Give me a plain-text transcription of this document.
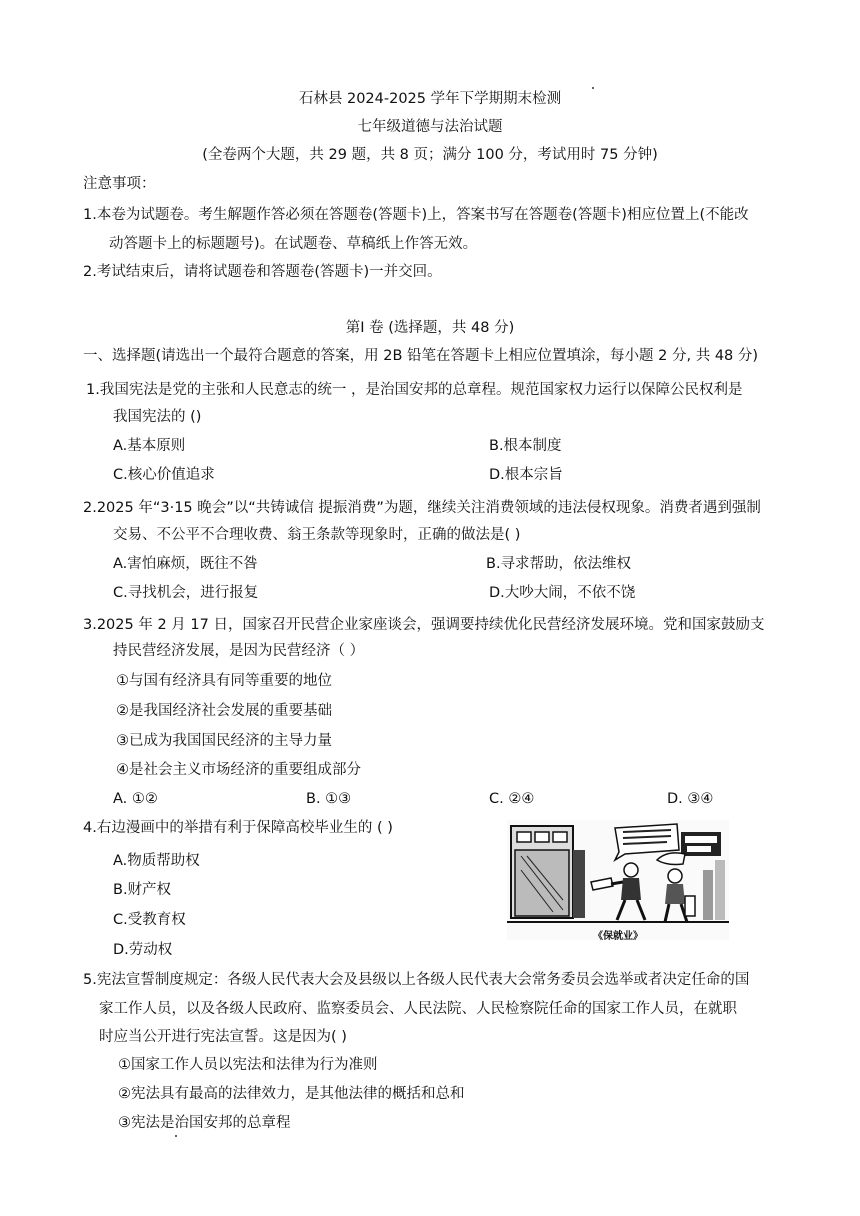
石林县 2024-2025 学年下学期期末检测
七年级道德与法治试题
(全卷两个大题，共 29 题，共 8 页；满分 100 分，考试用时 75 分钟)
注意事项：
1.本卷为试题卷。考生解题作答必须在答题卷(答题卡)上，答案书写在答题卷(答题卡)相应位置上(不能改
动答题卡上的标题题号)。在试题卷、草稿纸上作答无效。
2.考试结束后，请将试题卷和答题卷(答题卡)一并交回。
第Ⅰ 卷 (选择题，共 48 分)
一、选择题(请选出一个最符合题意的答案，用 2B 铅笔在答题卡上相应位置填涂，每小题 2 分, 共 48 分)
1.我国宪法是党的主张和人民意志的统一 ，是治国安邦的总章程。规范国家权力运行以保障公民权利是
我国宪法的 ()
A.基本原则	B.根本制度
C.核心价值追求	D.根本宗旨
2.2025 年“3·15 晚会”以“共铸诚信 提振消费”为题，继续关注消费领域的违法侵权现象。消费者遇到强制
交易、不公平不合理收费、翁王条款等现象时，正确的做法是( )
A.害怕麻烦，既往不咎	B.寻求帮助，依法维权
C.寻找机会，进行报复	D.大吵大闹，不依不饶
3.2025 年 2 月 17 日，国家召开民营企业家座谈会，强调要持续优化民营经济发展环境。党和国家鼓励支
持民营经济发展，是因为民营经济（ ）
①与国有经济具有同等重要的地位
②是我国经济社会发展的重要基础
③已成为我国国民经济的主导力量
④是社会主义市场经济的重要组成部分
A. ①②	B. ①③	C. ②④	D. ③④
4.右边漫画中的举措有利于保障高校毕业生的 ( )
A.物质帮助权
B.财产权
C.受教育权
D.劳动权
《保就业》
5.宪法宣誓制度规定：各级人民代表大会及县级以上各级人民代表大会常务委员会选举或者决定任命的国
家工作人员，以及各级人民政府、监察委员会、人民法院、人民检察院任命的国家工作人员，在就职
时应当公开进行宪法宣誓。这是因为( )
①国家工作人员以宪法和法律为行为准则
②宪法具有最高的法律效力，是其他法律的概括和总和
③宪法是治国安邦的总章程
